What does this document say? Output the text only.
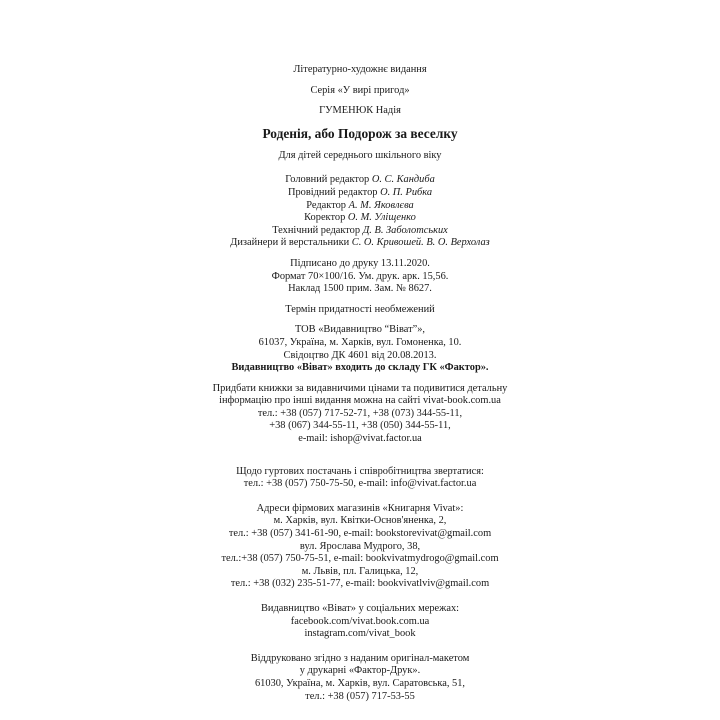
Літературно-художнє видання
Серія «У вирі пригод»
ГУМЕНЮК Надія
Роденія, або Подорож за веселку
Для дітей середнього шкільного віку
Головний редактор О. С. Кандиба
Провідний редактор О. П. Рибка
Редактор А. М. Яковлєва
Коректор О. М. Уліщенко
Технічний редактор Д. В. Заболотських
Дизайнери й верстальники С. О. Кривошей. В. О. Верхолаз
Підписано до друку 13.11.2020.
Формат 70×100/16. Ум. друк. арк. 15,56.
Наклад 1500 прим. Зам. № 8627.
Термін придатності необмежений
ТОВ «Видавництво “Віват”»,
61037, Україна, м. Харків, вул. Гомоненка, 10.
Свідоцтво ДК 4601 від 20.08.2013.
Видавництво «Віват» входить до складу ГК «Фактор».
Придбати книжки за видавничими цінами та подивитися детальну
інформацію про інші видання можна на сайті vivat-book.com.ua
тел.: +38 (057) 717-52-71, +38 (073) 344-55-11,
+38 (067) 344-55-11, +38 (050) 344-55-11,
e-mail: ishop@vivat.factor.ua
Щодо гуртових постачань і співробітництва звертатися:
тел.: +38 (057) 750-75-50, e-mail: info@vivat.factor.ua
Адреси фірмових магазинів «Книгарня Vivat»:
м. Харків, вул. Квітки-Основ'яненка, 2,
тел.: +38 (057) 341-61-90, e-mail: bookstorevivat@gmail.com
вул. Ярослава Мудрого, 38,
тел.:+38 (057) 750-75-51, e-mail: bookvivatmydrogo@gmail.com
м. Львів, пл. Галицька, 12,
тел.: +38 (032) 235-51-77, e-mail: bookvivatlviv@gmail.com
Видавництво «Віват» у соціальних мережах:
facebook.com/vivat.book.com.ua
instagram.com/vivat_book
Віддруковано згідно з наданим оригінал-макетом
у друкарні «Фактор-Друк».
61030, Україна, м. Харків, вул. Саратовська, 51,
тел.: +38 (057) 717-53-55
